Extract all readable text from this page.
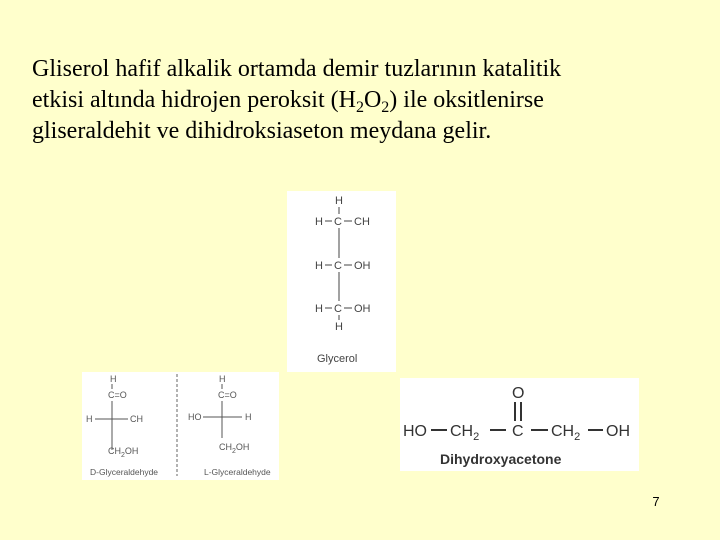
Gliserol hafif alkalik ortamda demir tuzlarının katalitik
etkisi altında hidrojen peroksit $(H_2O_2)$ ile oksitlenirse
gliseraldehit ve dihidroksiaseton meydana gelir.
H
H C CH
H C OH
H C OH
H
Glycerol
H
C=O
H	CH
$CH_2OH$
D-Glyceraldehyde
H
C=O
HO	H
$CH_2OH$
L-Glyceraldehyde
O
HO $CH_2$ C $CH_2$ OH
Dihydroxyacetone
7
